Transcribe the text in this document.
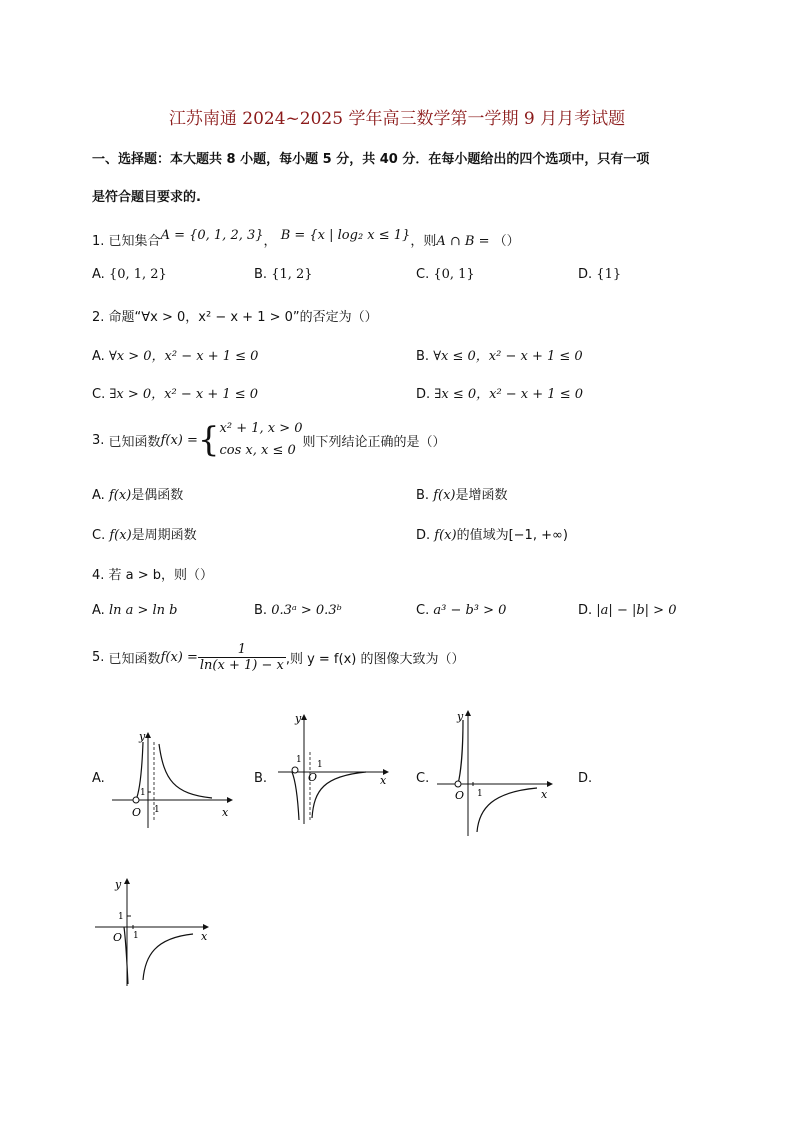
江苏南通 2024~2025 学年高三数学第一学期 9 月月考试题
一、选择题：本大题共 8 小题，每小题 5 分，共 40 分．在每小题给出的四个选项中，只有一项
是符合题目要求的.
1. 已知集合A = {0, 1, 2, 3}， B = {x | log₂ x ≤ 1}，则A ∩ B = （）
A. {0, 1, 2}	B. {1, 2}	C. {0, 1}	D. {1}
2. 命题“∀x > 0，x² − x + 1 > 0”的否定为（）
A. ∀x > 0，x² − x + 1 ≤ 0	B. ∀x ≤ 0，x² − x + 1 ≤ 0
C. ∃x > 0，x² − x + 1 ≤ 0	D. ∃x ≤ 0，x² − x + 1 ≤ 0
3.
已知函数 f(x) = { x² + 1, x > 0
cos x, x ≤ 0
则下列结论正确的是（）
A. f(x)是偶函数	B. f(x)是增函数
C. f(x)是周期函数	D. f(x)的值域为[−1, +∞)
4. 若 a > b，则（）
A. ln a > ln b	B. 0.3ᵃ > 0.3ᵇ	C. a³ − b³ > 0	D. |a| − |b| > 0
5.
已知函数 $f(x) = \frac{1}{\ln(x + 1) - x}$ ,则 y = f(x) 的图像大致为（）
A.	B.	C.	D.
y
x
O
1
1
y
x
O
1 1
y
x
O 1
y
x
O
1
1
